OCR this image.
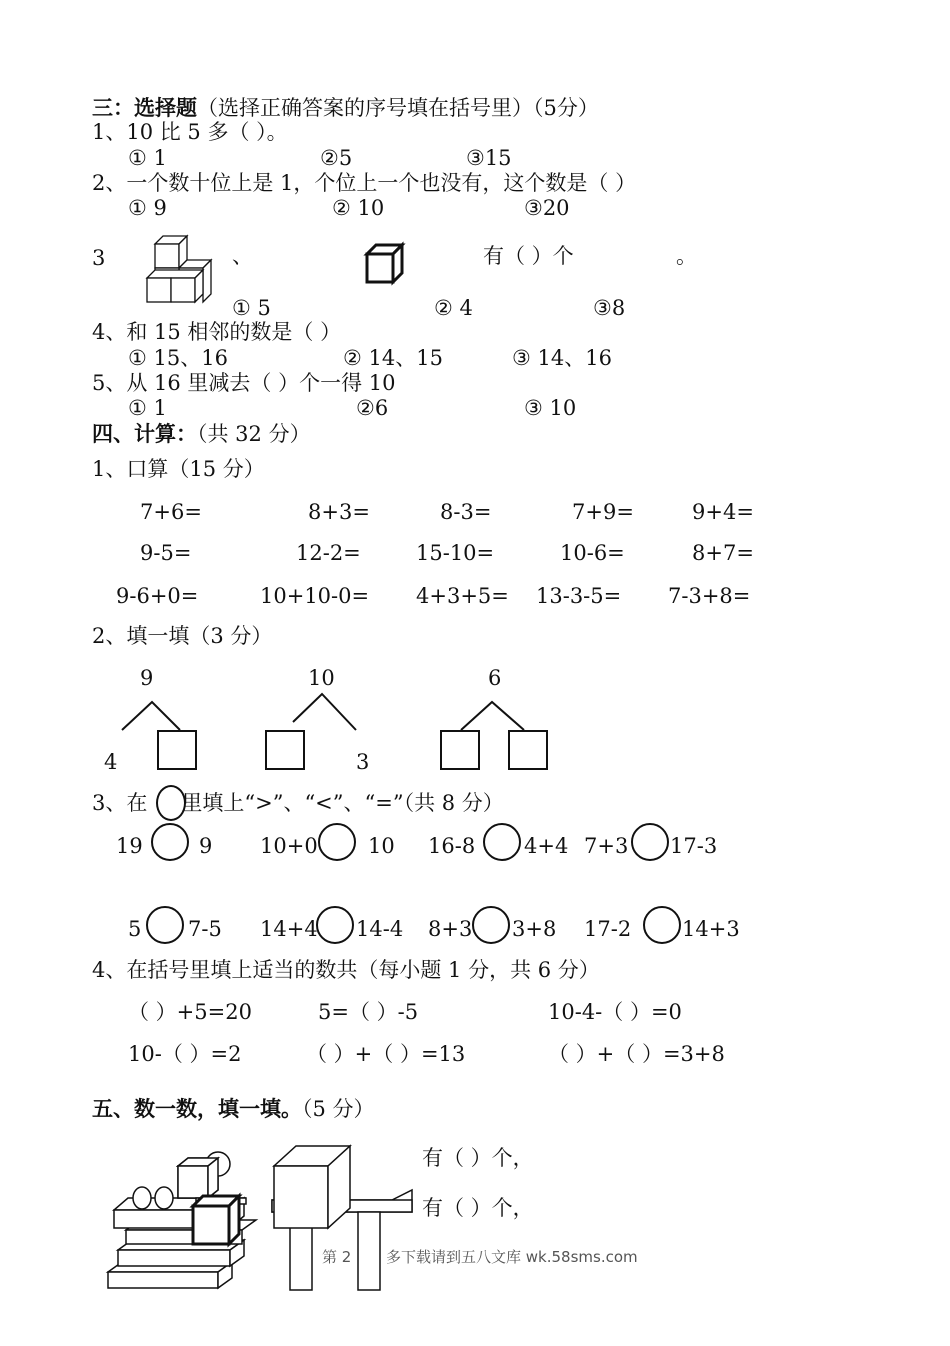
三：选择题（选择正确答案的序号填在括号里）（5分）
1、10 比 5 多（ ）。
① 1	②5	③15
2、一个数十位上是 1，个位上一个也没有，这个数是（ ）
① 9	② 10	③20
3	、	有（ ）个	。
① 5	② 4	③8
4、和 15 相邻的数是（ ）
① 15、16	② 14、15	③ 14、16
5、从 16 里减去（ ）个一得 10
① 1	②6	③ 10
四、计算：（共 32 分）
1、口算（15 分）
7+6=	8+3=	8-3=	7+9=	9+4=
9-5=	12-2=	15-10=	10-6=	8+7=
9-6+0=	10+10-0= 4+3+5= 13-3-5= 7-3+8=
2、填一填（3 分）
9
4
10
3
6
3、在 里填上“>”、“<”、“=”（共 8 分）
19	9 10+0 10 16-8 4+4 7+3 17-3
5 7-5 14+4 14-4 8+3 3+8 17-2 14+3
4、在括号里填上适当的数共（每小题 1 分，共 6 分）
（ ）+5=20	5=（ ）-5	10-4-（ ）=0
10-（ ）=2	（ ）+（ ）=13	（ ）+（ ）=3+8
五、数一数，填一填。（5 分）
有（ ）个，
有（ ）个，
第 2 多下载请到五八文库 wk.58sms.com
